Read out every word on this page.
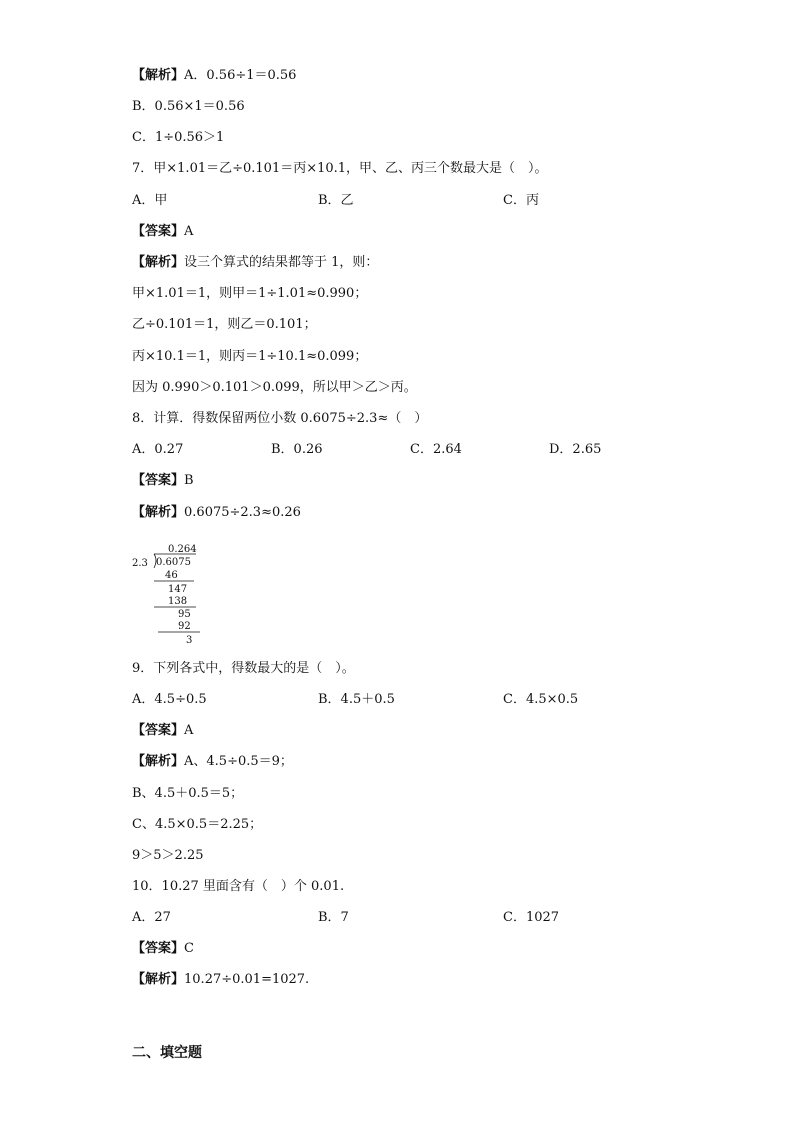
【解析】A．0.56÷1＝0.56
B．0.56×1＝0.56
C．1÷0.56＞1
7．甲×1.01＝乙÷0.101＝丙×10.1，甲、乙、丙三个数最大是（　）。
A．甲	B．乙	C．丙
【答案】A
【解析】设三个算式的结果都等于 1，则：
甲×1.01＝1，则甲＝1÷1.01≈0.990；
乙÷0.101＝1，则乙＝0.101；
丙×10.1＝1，则丙＝1÷10.1≈0.099；
因为 0.990＞0.101＞0.099，所以甲＞乙＞丙。
8．计算．得数保留两位小数 0.6075÷2.3≈（　）
A．0.27	B．0.26	C．2.64	D．2.65
【答案】B
【解析】0.6075÷2.3≈0.26
0.264
2.3 0.6075
46
147
138
95
92
3
9．下列各式中，得数最大的是（　）。
A．4.5÷0.5	B．4.5＋0.5	C．4.5×0.5
【答案】A
【解析】A、4.5÷0.5＝9；
B、4.5＋0.5＝5；
C、4.5×0.5＝2.25；
9＞5＞2.25
10．10.27 里面含有（　）个 0.01.
A．27	B．7	C．1027
【答案】C
【解析】10.27÷0.01=1027.
二、填空题
